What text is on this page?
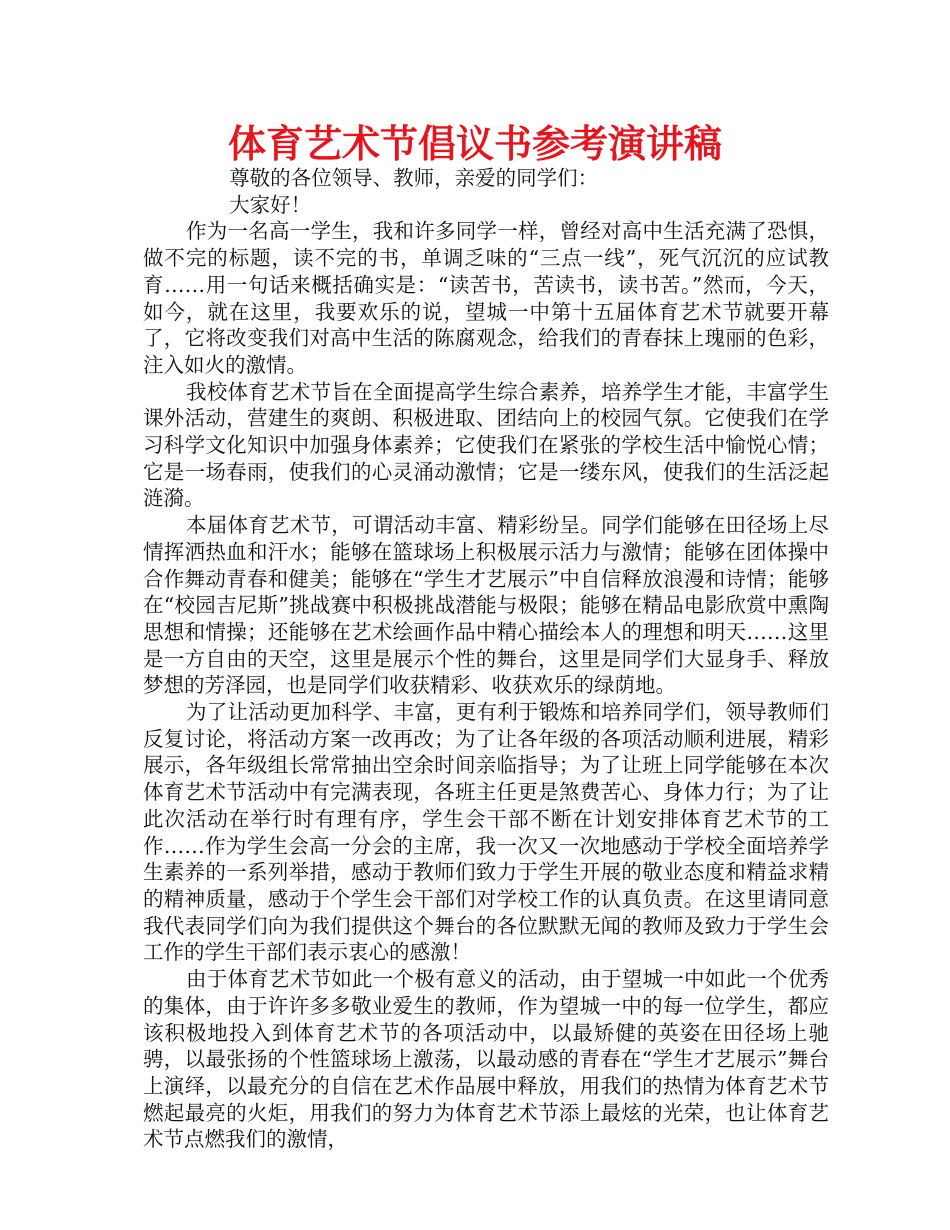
体育艺术节倡议书参考演讲稿

尊敬的各位领导、教师，亲爱的同学们：

大家好！

作为一名高一学生，我和许多同学一样，曾经对高中生活充满了恐惧，做不完的标题，读不完的书，单调乏味的“三点一线”，死气沉沉的应试教育……用一句话来概括确实是：“读苦书，苦读书，读书苦。”然而，今天，如今，就在这里，我要欢乐的说，望城一中第十五届体育艺术节就要开幕了，它将改变我们对高中生活的陈腐观念，给我们的青春抹上瑰丽的色彩，注入如火的激情。

我校体育艺术节旨在全面提高学生综合素养，培养学生才能，丰富学生课外活动，营建生的爽朗、积极进取、团结向上的校园气氛。它使我们在学习科学文化知识中加强身体素养；它使我们在紧张的学校生活中愉悦心情；它是一场春雨，使我们的心灵涌动激情；它是一缕东风，使我们的生活泛起涟漪。

本届体育艺术节，可谓活动丰富、精彩纷呈。同学们能够在田径场上尽情挥洒热血和汗水；能够在篮球场上积极展示活力与激情；能够在团体操中合作舞动青春和健美；能够在“学生才艺展示”中自信释放浪漫和诗情；能够在“校园吉尼斯”挑战赛中积极挑战潜能与极限；能够在精品电影欣赏中熏陶思想和情操；还能够在艺术绘画作品中精心描绘本人的理想和明天……这里是一方自由的天空，这里是展示个性的舞台，这里是同学们大显身手、释放梦想的芳泽园，也是同学们收获精彩、收获欢乐的绿荫地。

为了让活动更加科学、丰富，更有利于锻炼和培养同学们，领导教师们反复讨论，将活动方案一改再改；为了让各年级的各项活动顺利进展，精彩展示，各年级组长常常抽出空余时间亲临指导；为了让班上同学能够在本次体育艺术节活动中有完满表现，各班主任更是煞费苦心、身体力行；为了让此次活动在举行时有理有序，学生会干部不断在计划安排体育艺术节的工作……作为学生会高一分会的主席，我一次又一次地感动于学校全面培养学生素养的一系列举措，感动于教师们致力于学生开展的敬业态度和精益求精的精神质量，感动于个学生会干部们对学校工作的认真负责。在这里请同意我代表同学们向为我们提供这个舞台的各位默默无闻的教师及致力于学生会工作的学生干部们表示衷心的感激！

由于体育艺术节如此一个极有意义的活动，由于望城一中如此一个优秀的集体，由于许许多多敬业爱生的教师，作为望城一中的每一位学生，都应该积极地投入到体育艺术节的各项活动中，以最矫健的英姿在田径场上驰骋，以最张扬的个性篮球场上激荡，以最动感的青春在“学生才艺展示”舞台上演绎，以最充分的自信在艺术作品展中释放，用我们的热情为体育艺术节燃起最亮的火炬，用我们的努力为体育艺术节添上最炫的光荣，也让体育艺术节点燃我们的激情，
